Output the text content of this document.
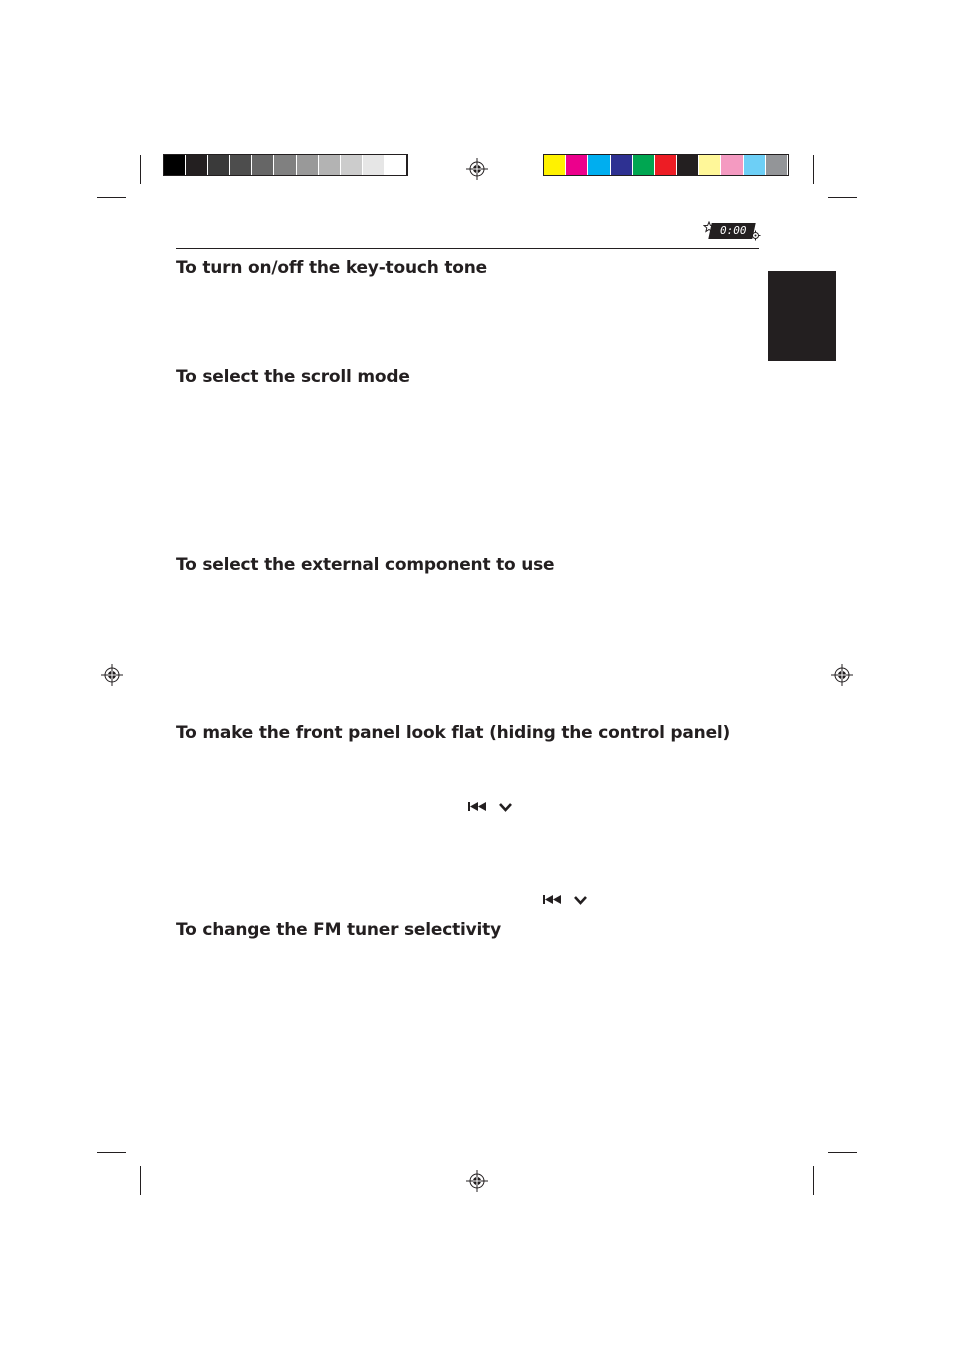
0:00
To turn on/off the key-touch tone
To select the scroll mode
To select the external component to use
To make the front panel look flat (hiding the control panel)
To change the FM tuner selectivity
